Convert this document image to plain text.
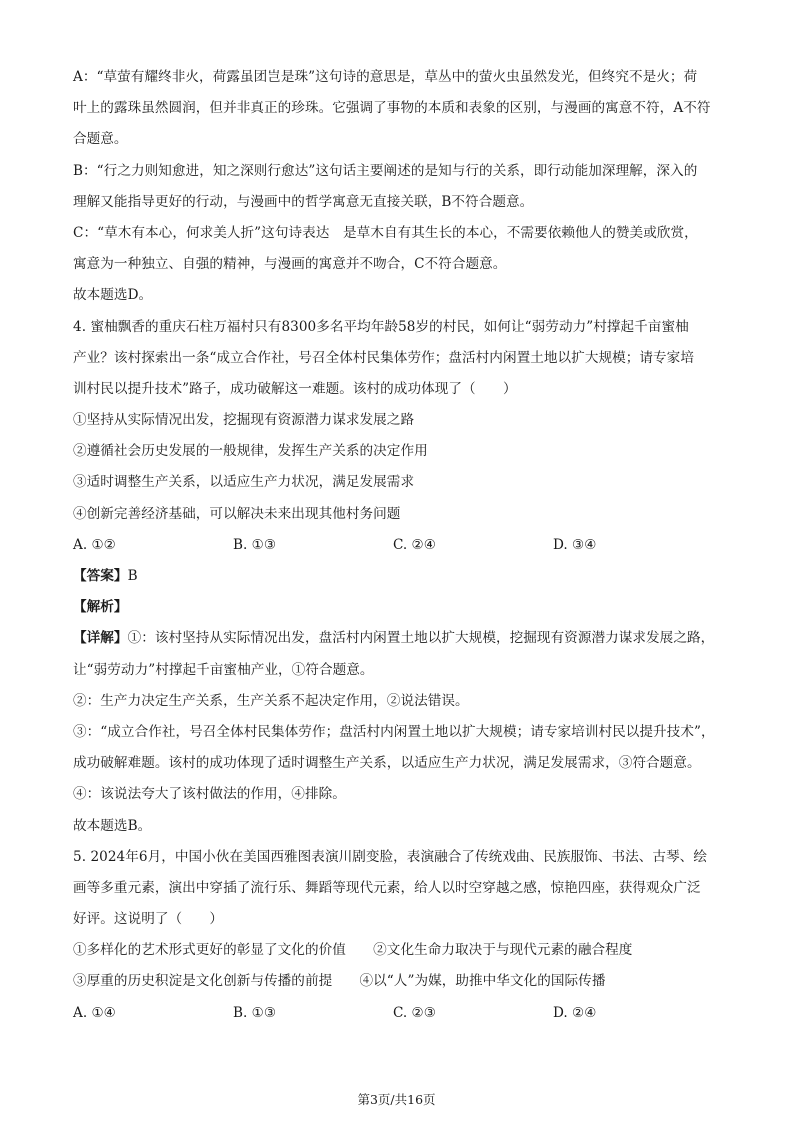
A：“草萤有耀终非火，荷露虽团岂是珠”这句诗的意思是，草丛中的萤火虫虽然发光，但终究不是火；荷
叶上的露珠虽然圆润，但并非真正的珍珠。它强调了事物的本质和表象的区别，与漫画的寓意不符，A不符
合题意。
B：“行之力则知愈进，知之深则行愈达”这句话主要阐述的是知与行的关系，即行动能加深理解，深入的
理解又能指导更好的行动，与漫画中的哲学寓意无直接关联，B不符合题意。
C：“草木有本心，何求美人折”这句诗表达　是草木自有其生长的本心，不需要依赖他人的赞美或欣赏，
寓意为一种独立、自强的精神，与漫画的寓意并不吻合，C不符合题意。
故本题选D。
4. 蜜柚飘香的重庆石柱万福村只有8300多名平均年龄58岁的村民，如何让“弱劳动力”村撑起千亩蜜柚
产业？该村探索出一条“成立合作社，号召全体村民集体劳作；盘活村内闲置土地以扩大规模；请专家培
训村民以提升技术”路子，成功破解这一难题。该村的成功体现了（　　）
①坚持从实际情况出发，挖掘现有资源潜力谋求发展之路
②遵循社会历史发展的一般规律，发挥生产关系的决定作用
③适时调整生产关系，以适应生产力状况，满足发展需求
④创新完善经济基础，可以解决未来出现其他村务问题
A. ①②	B. ①③	C. ②④	D. ③④
【答案】B
【解析】
【详解】①：该村坚持从实际情况出发，盘活村内闲置土地以扩大规模，挖掘现有资源潜力谋求发展之路，
让“弱劳动力”村撑起千亩蜜柚产业，①符合题意。
②：生产力决定生产关系，生产关系不起决定作用，②说法错误。
③：“成立合作社，号召全体村民集体劳作；盘活村内闲置土地以扩大规模；请专家培训村民以提升技术”，
成功破解难题。该村的成功体现了适时调整生产关系，以适应生产力状况，满足发展需求，③符合题意。
④：该说法夸大了该村做法的作用，④排除。
故本题选B。
5. 2024年6月，中国小伙在美国西雅图表演川剧变脸，表演融合了传统戏曲、民族服饰、书法、古琴、绘
画等多重元素，演出中穿插了流行乐、舞蹈等现代元素，给人以时空穿越之感，惊艳四座，获得观众广泛
好评。这说明了（　　）
①多样化的艺术形式更好的彰显了文化的价值　　②文化生命力取决于与现代元素的融合程度
③厚重的历史积淀是文化创新与传播的前提　　④以“人”为媒，助推中华文化的国际传播
A. ①④	B. ①③	C. ②③	D. ②④
第3页/共16页
